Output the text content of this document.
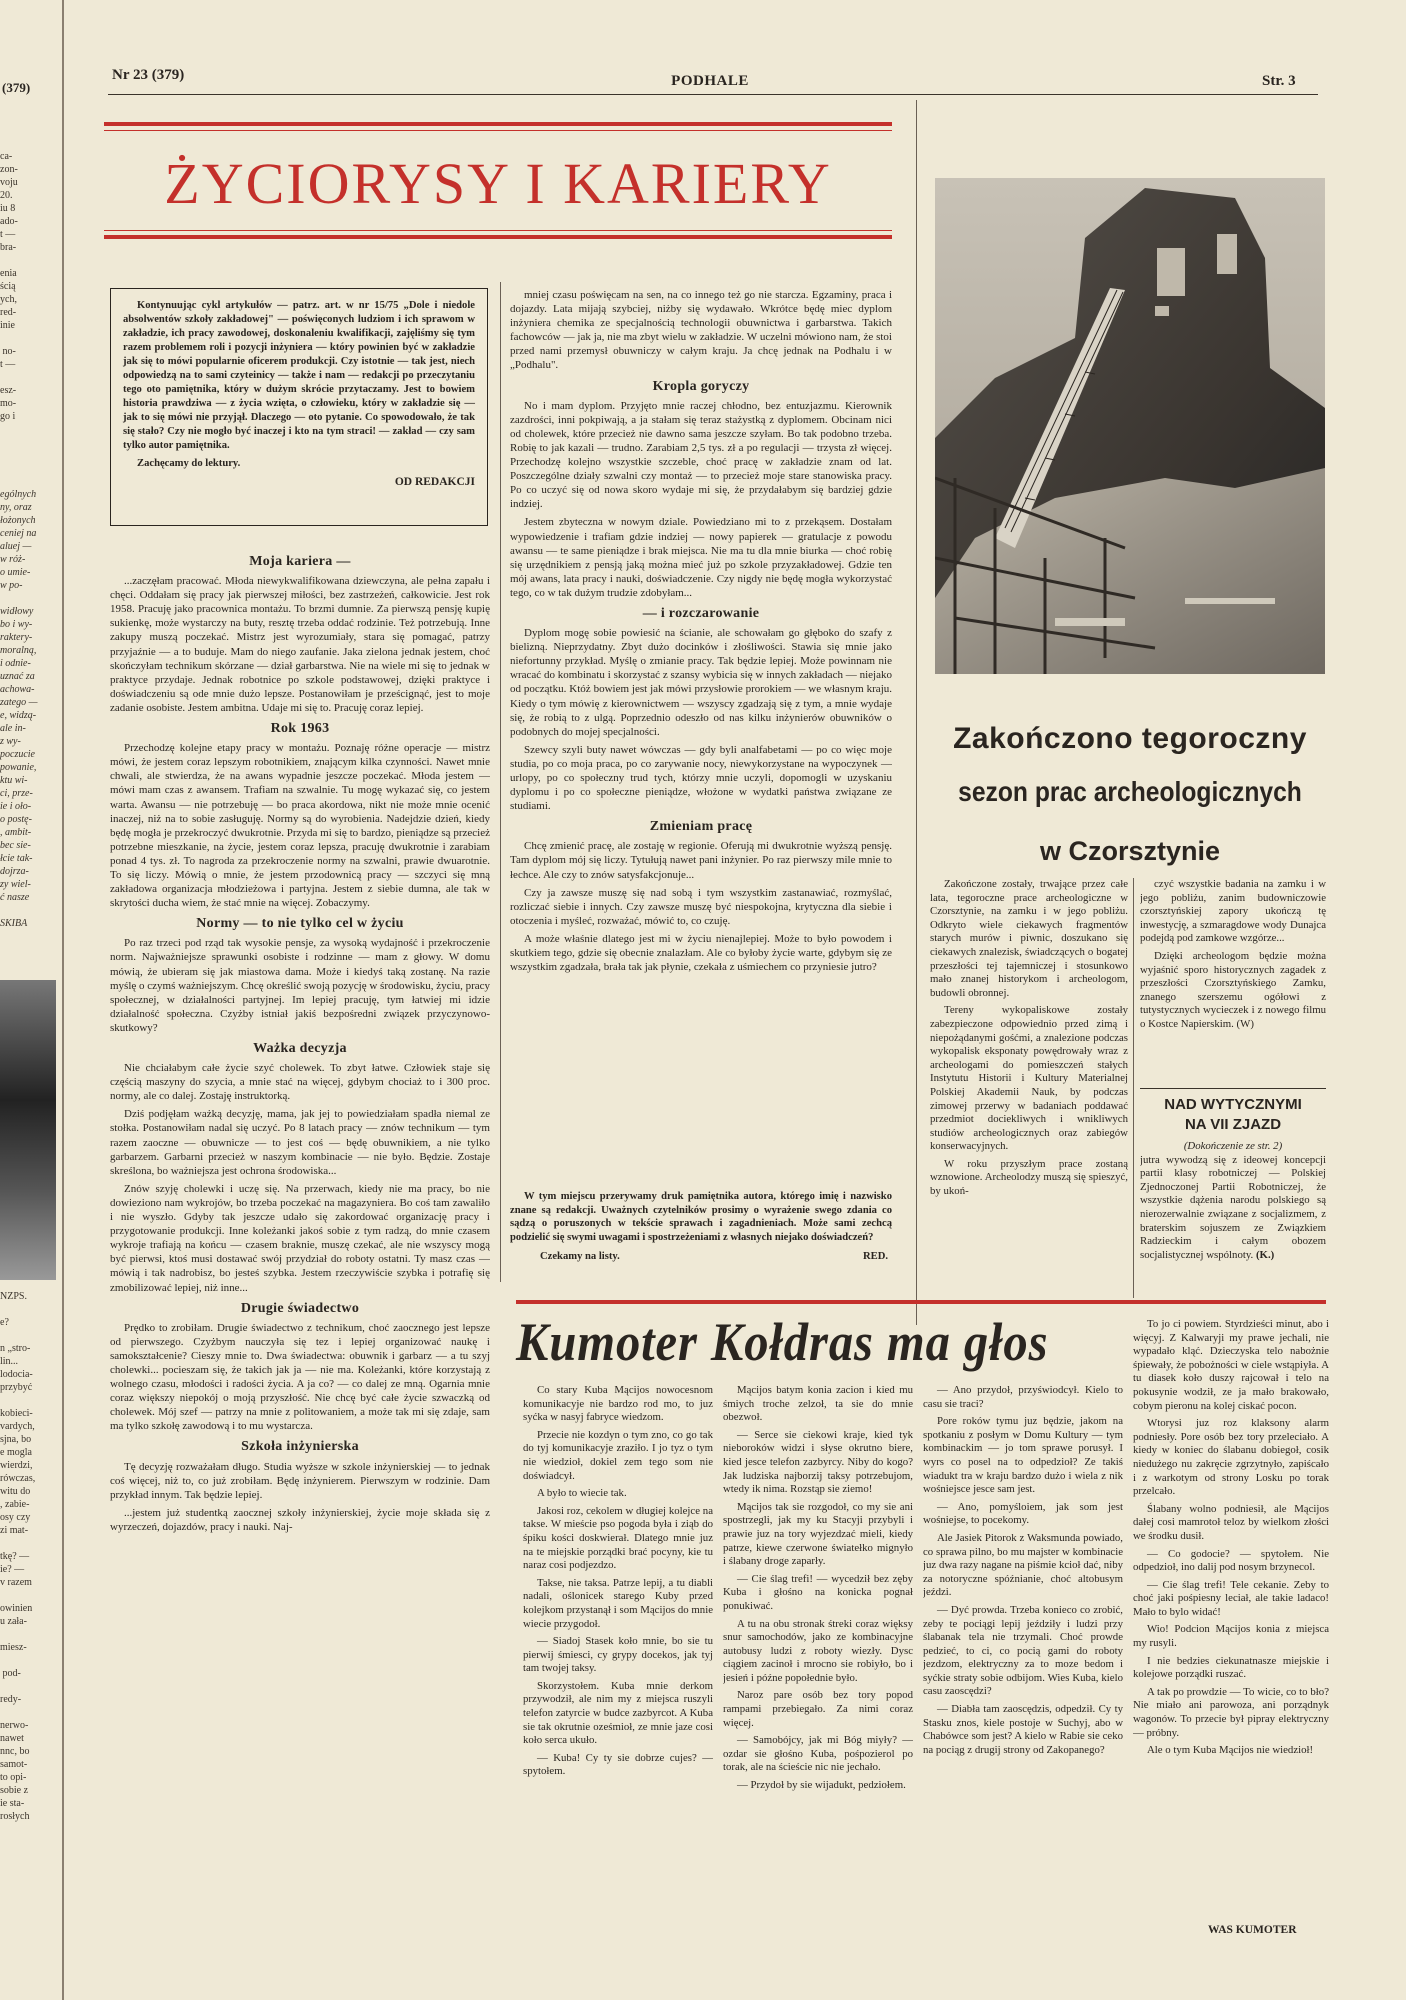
(379)
Nr 23 (379)	PODHALE	Str. 3
ca-
zon-
voju
20.
iu 8
ado-
t —
bra-

enia
ścią
ych,
red-
inie

no-
t —

esz-
mo-
go i
ególnych
ny, oraz
łożonych
ceniej na
aluej —
w róż-
o umie-
w po-

widłowy
bo i wy-
raktery-
moralną,
i odnie-
uznać za
achowa-
zatego —
e, widzą-
ale in-
z wy-
poczucie
powanie,
ktu wi-
ci, prze-
ie i oło-
o postę-
, ambit-
bec sie-
łcie tak-
dojrza-
zy wiel-
ć nasze

SKIBA
NZPS.

e?

n „stro-
lin...
lodocia-
przybyć

kobieci-
vardych,
sjna, bo
e mogla
wierdzi,
rówczas,
witu do
, zabie-
osy czy
zi mat-

tkę? —
ie? —
v razem

owinien
u zała-

miesz-

pod-

redy-

nerwo-
nawet
nnc, bo
samot-
to opi-
sobie z
ie sta-
rosłych
ŻYCIORYSY I KARIERY

Kontynuując cykl artykułów — patrz. art. w nr 15/75 „Dole i niedole absolwentów szkoły zakładowej" — poświęconych ludziom i ich sprawom w zakładzie, ich pracy zawodowej, doskonaleniu kwalifikacji, zajęliśmy się tym razem problemem roli i pozycji inżyniera — który powinien być w zakładzie jak się to mówi popularnie oficerem produkcji. Czy istotnie — tak jest, niech odpowiedzą na to sami czyteinicy — także i nam — redakcji po przeczytaniu tego oto pamiętnika, który w dużym skrócie przytaczamy. Jest to bowiem historia prawdziwa — z życia wzięta, o człowieku, który w zakładzie się — jak to się mówi nie przyjął. Dlaczego — oto pytanie. Co spowodowało, że tak się stało? Czy nie mogło być inaczej i kto na tym straci! — zakład — czy sam tylko autor pamiętnika.

Zachęcamy do lektury.

OD REDAKCJI
Moja kariera —

...zaczęłam pracować. Młoda niewykwalifikowana dziewczyna, ale pełna zapału i chęci. Oddałam się pracy jak pierwszej miłości, bez zastrzeżeń, całkowicie. Jest rok 1958. Pracuję jako pracownica montażu. To brzmi dumnie. Za pierwszą pensję kupię sukienkę, może wystarczy na buty, resztę trzeba oddać rodzinie. Też potrzebują. Inne zakupy muszą poczekać. Mistrz jest wyrozumiały, stara się pomagać, patrzy przyjaźnie — a to buduje. Mam do niego zaufanie. Jaka zielona jednak jestem, choć skończyłam technikum skórzane — dział garbarstwa. Nie na wiele mi się to jednak w praktyce przydaje. Jednak robotnice po szkole podstawowej, dzięki praktyce i doświadczeniu są ode mnie dużo lepsze. Postanowiłam je prześcignąć, jest to moje zadanie osobiste. Jestem ambitna. Udaje mi się to. Pracuję coraz lepiej.

Rok 1963

Przechodzę kolejne etapy pracy w montażu. Poznaję różne operacje — mistrz mówi, że jestem coraz lepszym robotnikiem, znającym kilka czynności. Nawet mnie chwali, ale stwierdza, że na awans wypadnie jeszcze poczekać. Młoda jestem — mówi mam czas z awansem. Trafiam na szwalnie. Tu mogę wykazać się, co jestem warta. Awansu — nie potrzebuję — bo praca akordowa, nikt nie może mnie ocenić inaczej, niż na to sobie zasługuję. Normy są do wyrobienia. Nadejdzie dzień, kiedy będę mogła je przekroczyć dwukrotnie. Przyda mi się to bardzo, pieniądze są przecież potrzebne mieszkanie, na życie, jestem coraz lepsza, pracuję dwukrotnie i zarabiam ponad 4 tys. zł. To nagroda za przekroczenie normy na szwalni, prawie dwuarotnie. To się liczy. Mówią o mnie, że jestem przodownicą pracy — szczyci się mną zakładowa organizacja młodzieżowa i partyjna. Jestem z siebie dumna, ale tak w skrytości ducha wiem, że stać mnie na więcej. Zobaczymy.

Normy — to nie tylko cel w życiu

Po raz trzeci pod rząd tak wysokie pensje, za wysoką wydajność i przekroczenie norm. Najważniejsze sprawunki osobiste i rodzinne — mam z głowy. W domu mówią, że ubieram się jak miastowa dama. Może i kiedyś taką zostanę. Na razie myślę o czymś ważniejszym. Chcę określić swoją pozycję w środowisku, życiu, pracy społecznej, w działalności partyjnej. Im lepiej pracuję, tym łatwiej mi idzie działalność społeczna. Czyżby istniał jakiś bezpośredni związek przyczynowo-skutkowy?

Ważka decyzja

Nie chciałabym całe życie szyć cholewek. To zbyt łatwe. Człowiek staje się częścią maszyny do szycia, a mnie stać na więcej, gdybym chociaż to i 300 proc. normy, ale co dalej. Zostaję instruktorką.

Dziś podjęłam ważką decyzję, mama, jak jej to powiedziałam spadła niemal ze stołka. Postanowiłam nadal się uczyć. Po 8 latach pracy — znów technikum — tym razem zaoczne — obuwnicze — to jest coś — będę obuwnikiem, a nie tylko garbarzem. Garbarni przecież w naszym kombinacie — nie było. Będzie. Zostaje skreślona, bo ważniejsza jest ochrona środowiska...

Znów szyję cholewki i uczę się. Na przerwach, kiedy nie ma pracy, bo nie dowieziono nam wykrojów, bo trzeba poczekać na magazyniera. Bo coś tam zawaliło i nie wyszło. Gdyby tak jeszcze udało się zakordować organizację pracy i przygotowanie produkcji. Inne koleżanki jakoś sobie z tym radzą, do mnie czasem wykroje trafiają na końcu — czasem braknie, muszę czekać, ale nie wszyscy mogą być pierwsi, ktoś musi dostawać swój przydział do roboty ostatni. Ty masz czas — mówią i tak nadrobisz, bo jesteś szybka. Jestem rzeczywiście szybka i potrafię się zmobilizować lepiej, niż inne...

Drugie świadectwo

Prędko to zrobiłam. Drugie świadectwo z technikum, choć zaocznego jest lepsze od pierwszego. Czyżbym nauczyła się tez i lepiej organizować naukę i samokształcenie? Cieszy mnie to. Dwa świadectwa: obuwnik i garbarz — a tu szyj cholewki... pocieszam się, że takich jak ja — nie ma. Koleżanki, które korzystają z wolnego czasu, młodości i radości życia. A ja co? — co dalej ze mną. Ogarnia mnie coraz większy niepokój o moją przyszłość. Nie chcę być całe życie szwaczką od cholewek. Mój szef — patrzy na mnie z politowaniem, a może tak mi się zdaje, sam ma tylko szkołę zawodową i to mu wystarcza.

Szkoła inżynierska

Tę decyzję rozważałam długo. Studia wyższe w szkole inżynierskiej — to jednak coś więcej, niż to, co już zrobiłam. Będę inżynierem. Pierwszym w rodzinie. Dam przykład innym. Tak będzie lepiej.

...jestem już studentką zaocznej szkoły inżynierskiej, życie moje składa się z wyrzeczeń, dojazdów, pracy i nauki. Naj-

mniej czasu poświęcam na sen, na co innego też go nie starcza. Egzaminy, praca i dojazdy. Lata mijają szybciej, niżby się wydawało. Wkrótce będę miec dyplom inżyniera chemika ze specjalnością technologii obuwnictwa i garbarstwa. Takich fachowców — jak ja, nie ma zbyt wielu w zakładzie. W uczelni mówiono nam, że stoi przed nami przemysł obuwniczy w całym kraju. Ja chcę jednak na Podhalu i w „Podhalu".

Kropla goryczy

No i mam dyplom. Przyjęto mnie raczej chłodno, bez entuzjazmu. Kierownik zazdrości, inni pokpiwają, a ja stałam się teraz stażystką z dyplomem. Obcinam nici od cholewek, które przecież nie dawno sama jeszcze szyłam. Bo tak podobno trzeba. Robię to jak kazali — trudno. Zarabiam 2,5 tys. zł a po regulacji — trzysta zł więcej. Przechodzę kolejno wszystkie szczeble, choć pracę w zakładzie znam od lat. Poszczególne działy szwalni czy montaż — to przecież moje stare stanowiska pracy. Po co uczyć się od nowa skoro wydaje mi się, że przydałabym się bardziej gdzie indziej.

Jestem zbyteczna w nowym dziale. Powiedziano mi to z przekąsem. Dostałam wypowiedzenie i trafiam gdzie indziej — nowy papierek — gratulacje z powodu awansu — te same pieniądze i brak miejsca. Nie ma tu dla mnie biurka — choć robię się urzędnikiem z pensją jaką można mieć już po szkole przyzakładowej. Gdzie ten mój awans, lata pracy i nauki, doświadczenie. Czy nigdy nie będę mogła wykorzystać tego, co w tak dużym trudzie zdobyłam...

— i rozczarowanie

Dyplom mogę sobie powiesić na ścianie, ale schowałam go głęboko do szafy z bielizną. Nieprzydatny. Zbyt dużo docinków i złośliwości. Stawia się mnie jako niefortunny przykład. Myślę o zmianie pracy. Tak będzie lepiej. Może powinnam nie wracać do kombinatu i skorzystać z szansy wybicia się w innych zakładach — niejako od początku. Któż bowiem jest jak mówi przysłowie prorokiem — we własnym kraju. Kiedy o tym mówię z kierownictwem — wszyscy zgadzają się z tym, a mnie wydaje się, że robią to z ulgą. Poprzednio odeszło od nas kilku inżynierów obuwników o podobnych do mojej specjalności.

Szewcy szyli buty nawet wówczas — gdy byli analfabetami — po co więc moje studia, po co moja praca, po co zarywanie nocy, niewykorzystane na wypoczynek — urlopy, po co społeczny trud tych, którzy mnie uczyli, dopomogli w uzyskaniu dyplomu i po co społeczne pieniądze, włożone w wydatki państwa związane ze studiami.

Zmieniam pracę

Chcę zmienić pracę, ale zostaję w regionie. Oferują mi dwukrotnie wyższą pensję. Tam dyplom mój się liczy. Tytułują nawet pani inżynier. Po raz pierwszy mile mnie to łechce. Ale czy to znów satysfakcjonuje...

Czy ja zawsze muszę się nad sobą i tym wszystkim zastanawiać, rozmyślać, rozliczać siebie i innych. Czy zawsze muszę być niespokojna, krytyczna dla siebie i otoczenia i myśleć, rozważać, mówić to, co czuję.

A może właśnie dlatego jest mi w życiu nienajlepiej. Może to było powodem i skutkiem tego, gdzie się obecnie znalazłam. Ale co byłoby życie warte, gdybym się ze wszystkim zgadzała, brała tak jak płynie, czekała z uśmiechem co przyniesie jutro?

W tym miejscu przerywamy druk pamiętnika autora, którego imię i nazwisko znane są redakcji. Uważnych czytelników prosimy o wyrażenie swego zdania co sądzą o poruszonych w tekście sprawach i zagadnieniach. Może sami zechcą podzielić się swymi uwagami i spostrzeżeniami z własnych niejako doświadczeń?

Czekamy na listy.	RED.
Zakończono tegoroczny
sezon prac archeologicznych
w Czorsztynie

Zakończone zostały, trwające przez całe lata, tegoroczne prace archeologiczne w Czorsztynie, na zamku i w jego pobliżu. Odkryto wiele ciekawych fragmentów starych murów i piwnic, doszukano się ciekawych znalezisk, świadczących o bogatej przeszłości tej tajemniczej i stosunkowo mało znanej historykom i archeologom, budowli obronnej.

Tereny wykopaliskowe zostały zabezpieczone odpowiednio przed zimą i niepożądanymi gośćmi, a znalezione podczas wykopalisk eksponaty powędrowały wraz z archeologami do pomieszczeń stałych Instytutu Historii i Kultury Materialnej Polskiej Akademii Nauk, by podczas zimowej przerwy w badaniach poddawać przedmiot dociekliwych i wnikliwych studiów archeologicznych oraz zabiegów konserwacyjnych.

W roku przyszłym prace zostaną wznowione. Archeolodzy muszą się spieszyć, by ukoń-

czyć wszystkie badania na zamku i w jego pobliżu, zanim budowniczowie czorsztyńskiej zapory ukończą tę inwestycję, a szmaragdowe wody Dunajca podejdą pod zamkowe wzgórze...

Dzięki archeologom będzie można wyjaśnić sporo historycznych zagadek z przeszłości Czorsztyńskiego Zamku, znanego szerszemu ogółowi z tutystycznych wycieczek i z nowego filmu o Kostce Napierskim. (W)

NAD WYTYCZNYMI
NA VII ZJAZD
(Dokończenie ze str. 2)
jutra wywodzą się z ideowej koncepcji partii klasy robotniczej — Polskiej Zjednoczonej Partii Robotniczej, że wszystkie dążenia narodu polskiego są nierozerwalnie związane z socjalizmem, z braterskim sojuszem ze Związkiem Radzieckim i całym obozem socjalistycznej wspólnoty. (K.)
Kumoter Kołdras ma głos

Co stary Kuba Mącijos nowocesnom komunikacyje nie bardzo rod mo, to juz syćka w nasyj fabryce wiedzom.

Przecie nie kozdyn o tym zno, co go tak do tyj komunikacyje zraziło. I jo tyz o tym nie wiedzioł, dokiel zem tego som nie doświadcył.

A było to wiecie tak.

Jakosi roz, cekolem w długiej kolejce na takse. W mieście pso pogoda była i ziąb do śpiku kości doskwierał. Dlatego mnie juz na te miejskie porządki brać pocyny, kie tu naraz cosi podjezdzo.

Takse, nie taksa. Patrze lepij, a tu diabli nadali, oślonicek starego Kuby przed kolejkom przystanął i som Mącijos do mnie wiecie przygodoł.

— Siadoj Stasek koło mnie, bo sie tu pierwij śmiesci, cy grypy docekos, jak tyj tam twojej taksy.

Skorzystołem. Kuba mnie derkom przywodził, ale nim my z miejsca ruszyli telefon zatyrcie w budce zazbyrcot. A Kuba sie tak okrutnie oześmioł, ze mnie jaze cosi koło serca ukuło.

— Kuba! Cy ty sie dobrze cujes? — spytołem.

Mącijos batym konia zacion i kied mu śmiych troche zelzoł, ta sie do mnie obezwoł.

— Serce sie ciekowi kraje, kied tyk nieboroków widzi i słyse okrutno biere, kied jesce telefon zazbyrcy. Niby do kogo? Jak ludziska najborzij taksy potrzebujom, wtedy ik nima. Rozstąp sie ziemo!

Mącijos tak sie rozgodoł, co my sie ani spostrzegli, jak my ku Stacyji przybyli i prawie juz na tory wyjezdzać mieli, kiedy patrze, kiewe czerwone światełko mignyło i ślabany droge zaparły.

— Cie ślag trefi! — wycedził bez zęby Kuba i głośno na konicka pognał ponukiwać.

A tu na obu stronak śtreki coraz więksy snur samochodów, jako ze kombinacyjne autobusy ludzi z roboty wiezły. Dysc ciągiem zacinoł i mrocno sie robiyło, bo i jesień i późne popołednie było.

Naroz pare osób bez tory popod rampami przebiegało. Za nimi coraz więcej.

— Samobójcy, jak mi Bóg miyły? — ozdar sie głośno Kuba, pośpozierol po torak, ale na ścieście nic nie jechało.

— Przydoł by sie wijadukt, pedziołem.

— Ano przydoł, przyświodcył. Kielo to casu sie traci?

Pore roków tymu juz będzie, jakom na spotkaniu z posłym w Domu Kultury — tym kombinackim — jo tom sprawe porusył. I wyrs co posel na to odpedzioł? Ze takiś wiadukt tra w kraju bardzo dużo i wiela z nik wośniejsce jesce sam jest.

— Ano, pomyśloiem, jak som jest wośniejse, to pocekomy.

Ale Jasiek Pitorok z Waksmunda powiado, co sprawa pilno, bo mu majster w kombinacie juz dwa razy nagane na piśmie kcioł dać, niby za notoryczne spóźnianie, choć altobusym jeździ.

— Dyć prowda. Trzeba konieco co zrobić, zeby te pociągi lepij jeździły i ludzi przy ślabanak tela nie trzymali. Choć prowde pedzieć, to ci, co pocią gami do roboty jezdzom, elektryczny za to moze bedom i syćkie straty sobie odbijom. Wies Kuba, kielo casu zaoscędzi?

— Diabła tam zaoscędzis, odpedził. Cy ty Stasku znos, kiele postoje w Suchyj, abo w Chabówce som jest? A kielo w Rabie sie ceko na pociąg z drugij strony od Zakopanego?

To jo ci powiem. Styrdzieści minut, abo i więcyj. Z Kalwaryji my prawe jechali, nie wypadało kląć. Dzieczyska telo nabożnie śpiewały, że pobożności w ciele wstąpiyła. A tu diasek koło duszy rajcował i telo na pokusynie wodził, ze ja mało brakowało, cobym pieronu na kolej ciskać pocon.

Wtorysi juz roz klaksony alarm podniesły. Pore osób bez tory przeleciało. A kiedy w koniec do ślabanu dobiegoł, cosik niedużego nu zakręcie zgrzytnyło, zapiścało i z warkotym od strony Losku po torak przelcało.

Ślabany wolno podniesił, ale Mącijos dałej cosi mamrotoł teloz by wielkom złości we środku dusił.

— Co godocie? — spytołem. Nie odpedzioł, ino dalij pod nosym brzynecol.

— Cie ślag trefi! Tele cekanie. Zeby to choć jaki pośpiesny leciał, ale takie ladaco! Mało to bylo widać!

Wio! Podcion Mącijos konia z miejsca my rusyli.

I nie bedzies ciekunatnasze miejskie i kolejowe porządki ruszać.

A tak po prowdzie — To wicie, co to bło? Nie miało ani parowoza, ani porządnyk wagonów. To przecie był pipray elektryczny — próbny.

Ale o tym Kuba Mącijos nie wiedzioł!

WAS KUMOTER
